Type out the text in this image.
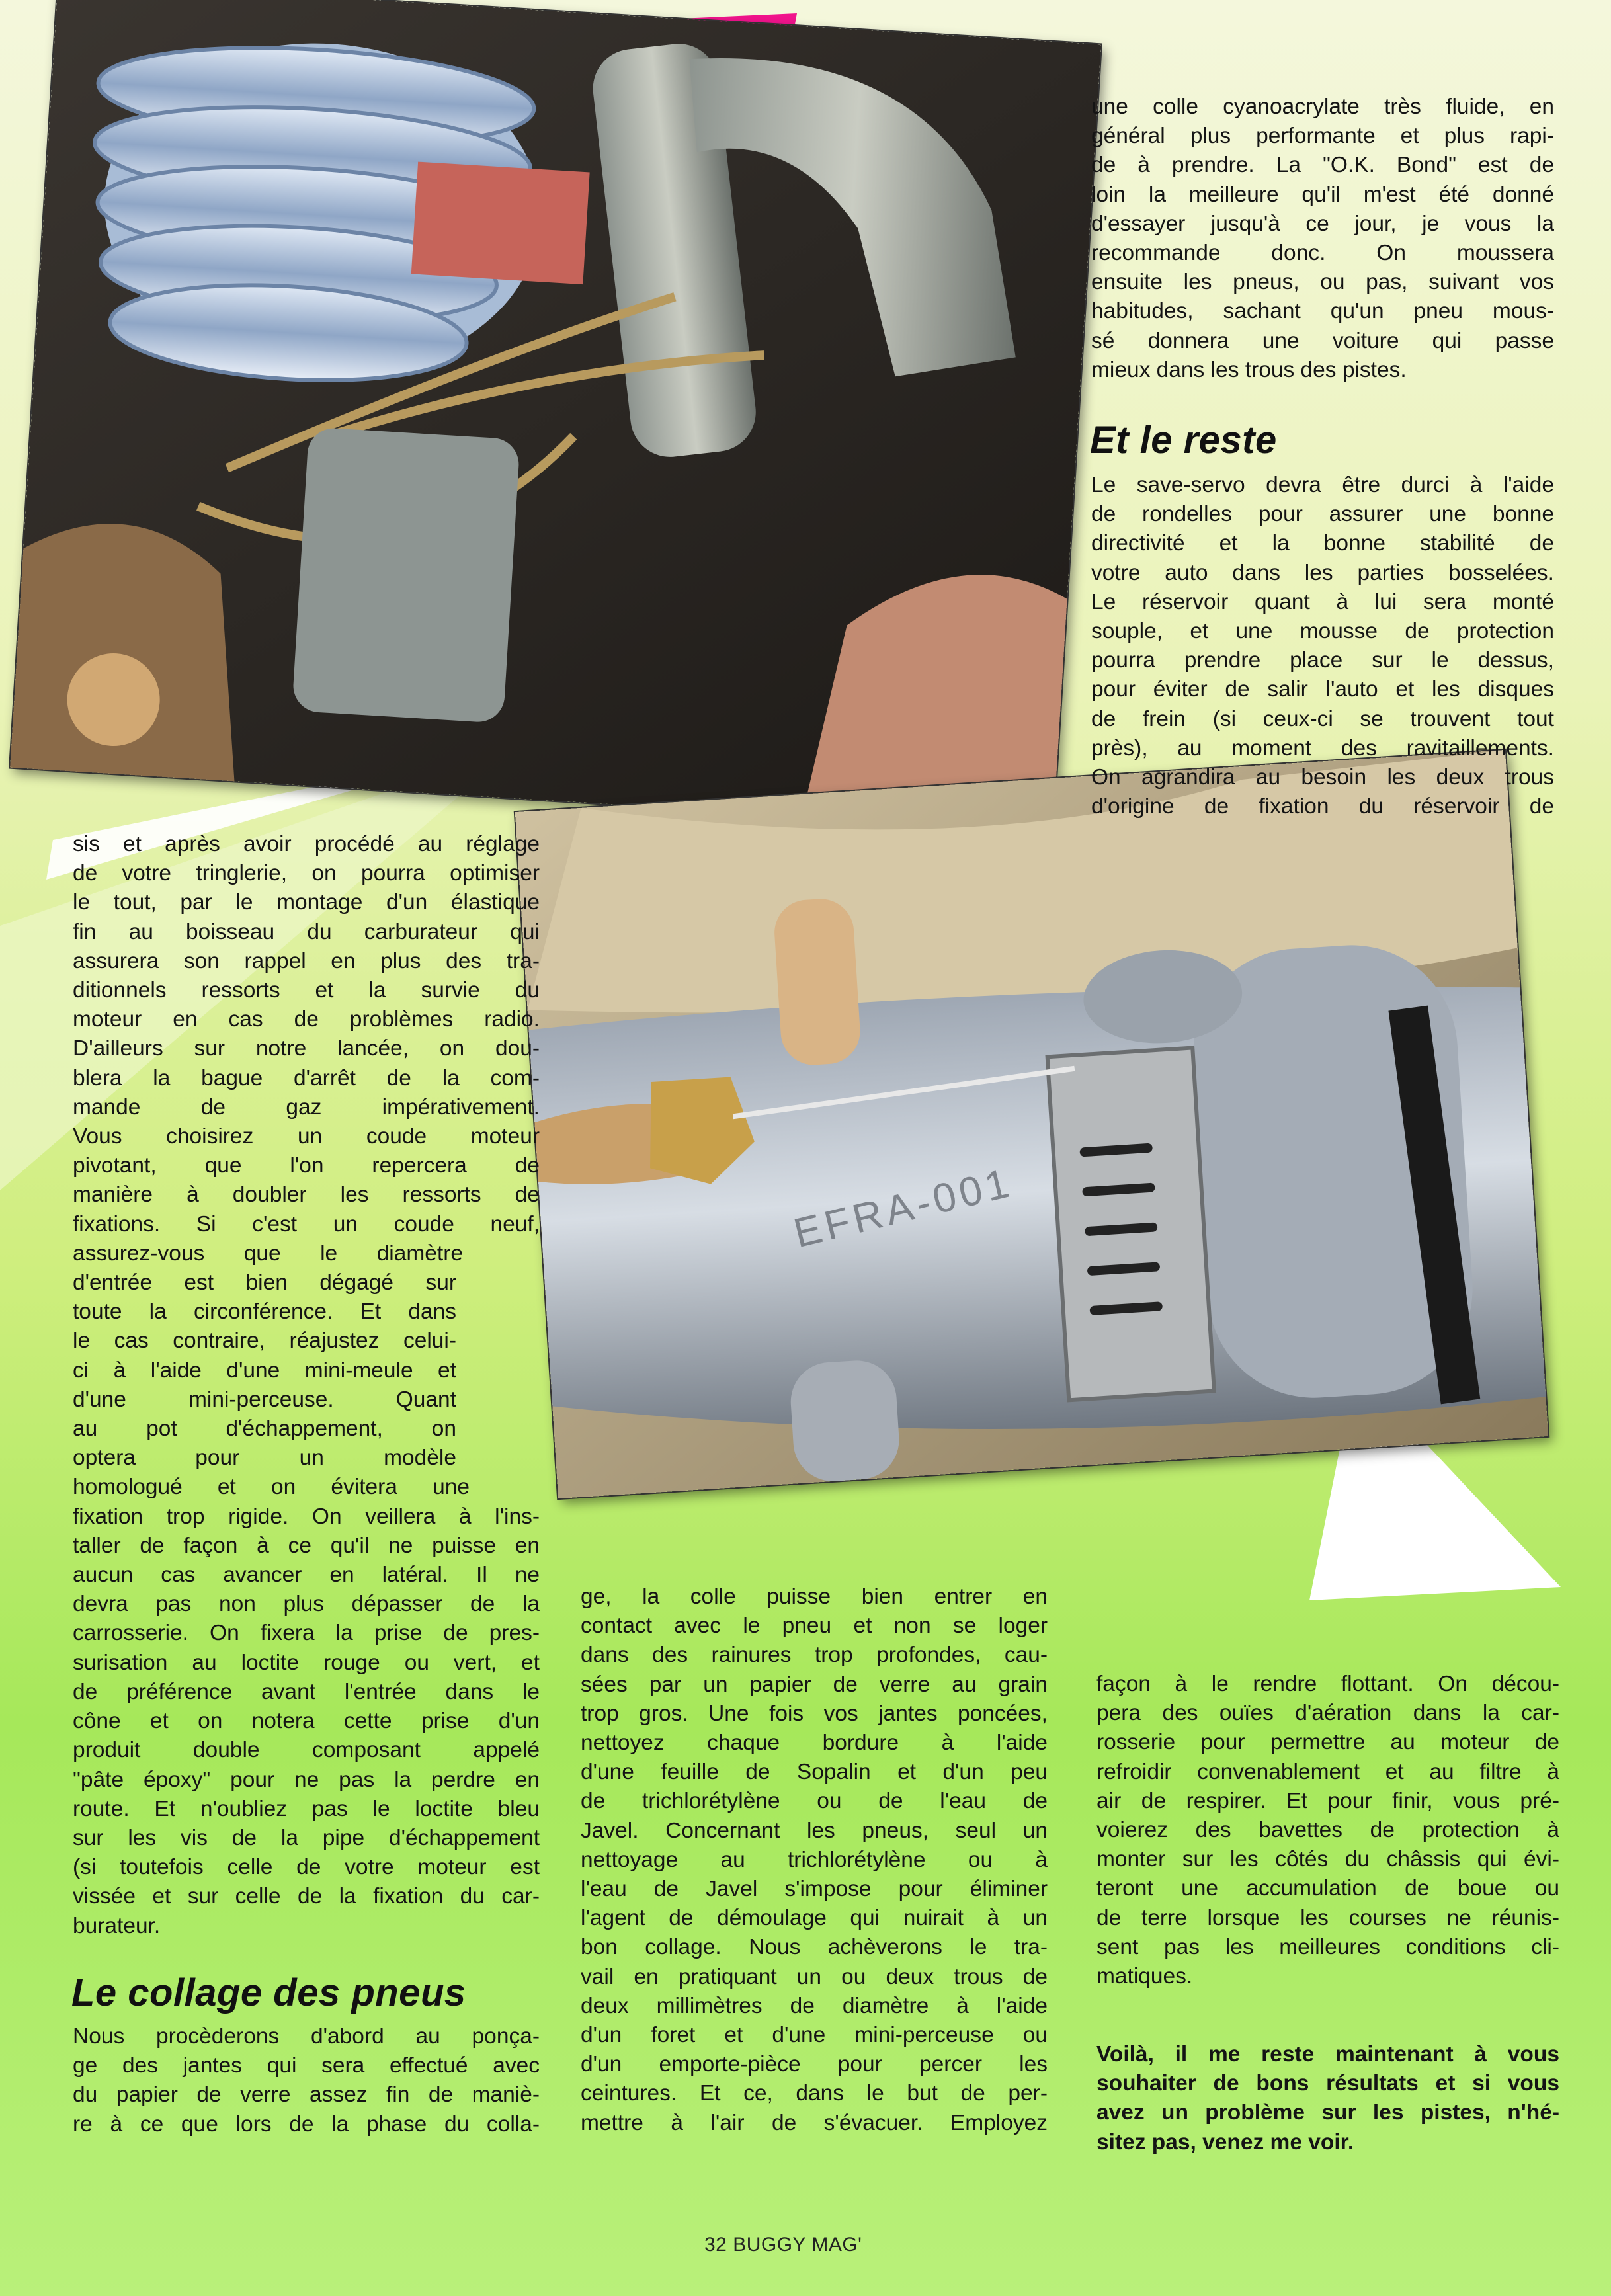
EFRA-001

une colle cyanoacrylate très fluide, en
général plus performante et plus rapi-
de à prendre. La "O.K. Bond" est de
loin la meilleure qu'il m'est été donné
d'essayer jusqu'à ce jour, je vous la
recommande donc. On moussera
ensuite les pneus, ou pas, suivant vos
habitudes, sachant qu'un pneu mous-
sé donnera une voiture qui passe
mieux dans les trous des pistes.

Et le reste

Le save-servo devra être durci à l'aide
de rondelles pour assurer une bonne
directivité et la bonne stabilité de
votre auto dans les parties bosselées.
Le réservoir quant à lui sera monté
souple, et une mousse de protection
pourra prendre place sur le dessus,
pour éviter de salir l'auto et les disques
de frein (si ceux-ci se trouvent tout
près), au moment des ravitaillements.
On agrandira au besoin les deux trous
d'origine de fixation du réservoir de

sis et après avoir procédé au réglage
de votre tringlerie, on pourra optimiser
le tout, par le montage d'un élastique
fin au boisseau du carburateur qui
assurera son rappel en plus des tra-
ditionnels ressorts et la survie du
moteur en cas de problèmes radio.
D'ailleurs sur notre lancée, on dou-
blera la bague d'arrêt de la com-
mande de gaz impérativement.
Vous choisirez un coude moteur
pivotant, que l'on repercera de
manière à doubler les ressorts de
fixations. Si c'est un coude neuf,
assurez-vous que le diamètre
d'entrée est bien dégagé sur
toute la circonférence. Et dans
le cas contraire, réajustez celui-
ci à l'aide d'une mini-meule et
d'une mini-perceuse. Quant
au pot d'échappement, on
optera pour un modèle
homologué et on évitera une
fixation trop rigide. On veillera à l'ins-
taller de façon à ce qu'il ne puisse en
aucun cas avancer en latéral. Il ne
devra pas non plus dépasser de la
carrosserie. On fixera la prise de pres-
surisation au loctite rouge ou vert, et
de préférence avant l'entrée dans le
cône et on notera cette prise d'un
produit double composant appelé
"pâte époxy" pour ne pas la perdre en
route. Et n'oubliez pas le loctite bleu
sur les vis de la pipe d'échappement
(si toutefois celle de votre moteur est
vissée et sur celle de la fixation du car-
burateur.

Le collage des pneus

Nous procèderons d'abord au ponça-
ge des jantes qui sera effectué avec
du papier de verre assez fin de maniè-
re à ce que lors de la phase du colla-

ge, la colle puisse bien entrer en
contact avec le pneu et non se loger
dans des rainures trop profondes, cau-
sées par un papier de verre au grain
trop gros. Une fois vos jantes poncées,
nettoyez chaque bordure à l'aide
d'une feuille de Sopalin et d'un peu
de trichlorétylène ou de l'eau de
Javel. Concernant les pneus, seul un
nettoyage au trichlorétylène ou à
l'eau de Javel s'impose pour éliminer
l'agent de démoulage qui nuirait à un
bon collage. Nous achèverons le tra-
vail en pratiquant un ou deux trous de
deux millimètres de diamètre à l'aide
d'un foret et d'une mini-perceuse ou
d'un emporte-pièce pour percer les
ceintures. Et ce, dans le but de per-
mettre à l'air de s'évacuer. Employez

façon à le rendre flottant. On décou-
pera des ouïes d'aération dans la car-
rosserie pour permettre au moteur de
refroidir convenablement et au filtre à
air de respirer. Et pour finir, vous pré-
voierez des bavettes de protection à
monter sur les côtés du châssis qui évi-
teront une accumulation de boue ou
de terre lorsque les courses ne réunis-
sent pas les meilleures conditions cli-
matiques.

Voilà, il me reste maintenant à vous
souhaiter de bons résultats et si vous
avez un problème sur les pistes, n'hé-
sitez pas, venez me voir.

32 BUGGY MAG'
